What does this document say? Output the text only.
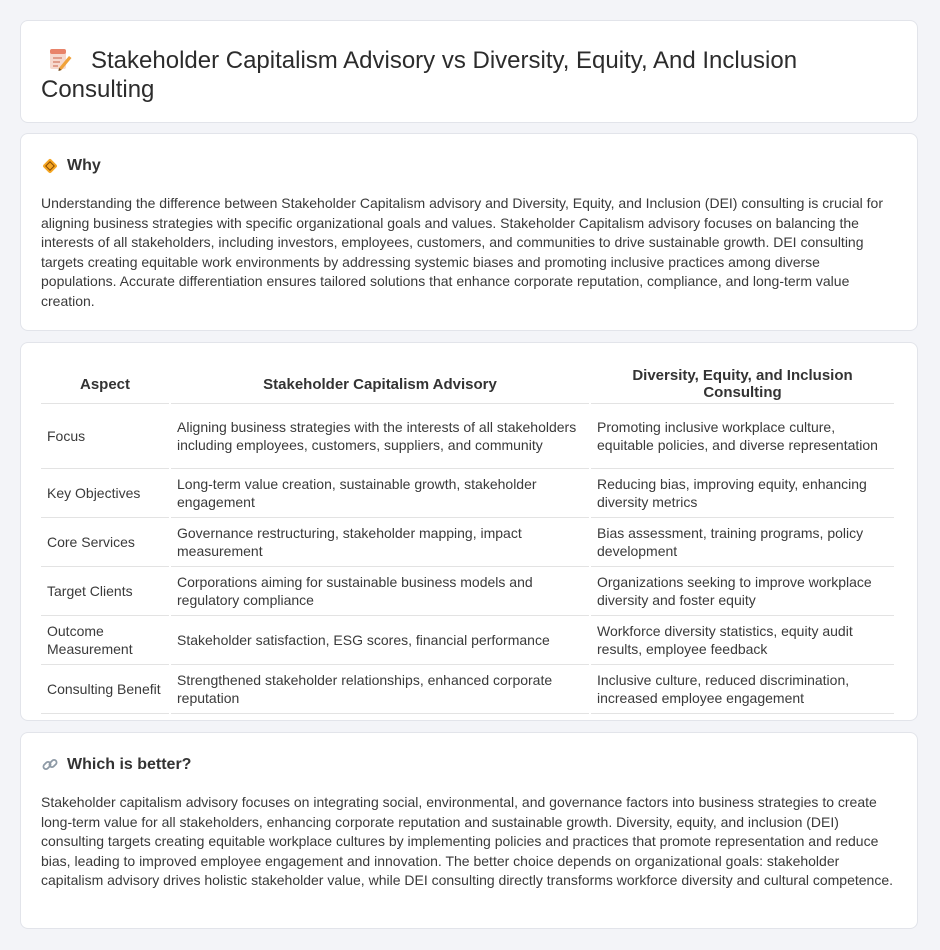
Stakeholder Capitalism Advisory vs Diversity, Equity, And Inclusion Consulting
Why

Understanding the difference between Stakeholder Capitalism advisory and Diversity, Equity, and Inclusion (DEI) consulting is crucial for aligning business strategies with specific organizational goals and values. Stakeholder Capitalism advisory focuses on balancing the interests of all stakeholders, including investors, employees, customers, and communities to drive sustainable growth. DEI consulting targets creating equitable work environments by addressing systemic biases and promoting inclusive practices among diverse populations. Accurate differentiation ensures tailored solutions that enhance corporate reputation, compliance, and long-term value creation.

Aspect	Stakeholder Capitalism Advisory	Diversity, Equity, and Inclusion Consulting
Focus	Aligning business strategies with the interests of all stakeholders including employees, customers, suppliers, and community	Promoting inclusive workplace culture, equitable policies, and diverse representation
Key Objectives	Long-term value creation, sustainable growth, stakeholder engagement	Reducing bias, improving equity, enhancing diversity metrics
Core Services	Governance restructuring, stakeholder mapping, impact measurement	Bias assessment, training programs, policy development
Target Clients	Corporations aiming for sustainable business models and regulatory compliance	Organizations seeking to improve workplace diversity and foster equity
Outcome Measurement	Stakeholder satisfaction, ESG scores, financial performance	Workforce diversity statistics, equity audit results, employee feedback
Consulting Benefit	Strengthened stakeholder relationships, enhanced corporate reputation	Inclusive culture, reduced discrimination, increased employee engagement
Which is better?

Stakeholder capitalism advisory focuses on integrating social, environmental, and governance factors into business strategies to create long-term value for all stakeholders, enhancing corporate reputation and sustainable growth. Diversity, equity, and inclusion (DEI) consulting targets creating equitable workplace cultures by implementing policies and practices that promote representation and reduce bias, leading to improved employee engagement and innovation. The better choice depends on organizational goals: stakeholder capitalism advisory drives holistic stakeholder value, while DEI consulting directly transforms workforce diversity and cultural competence.
